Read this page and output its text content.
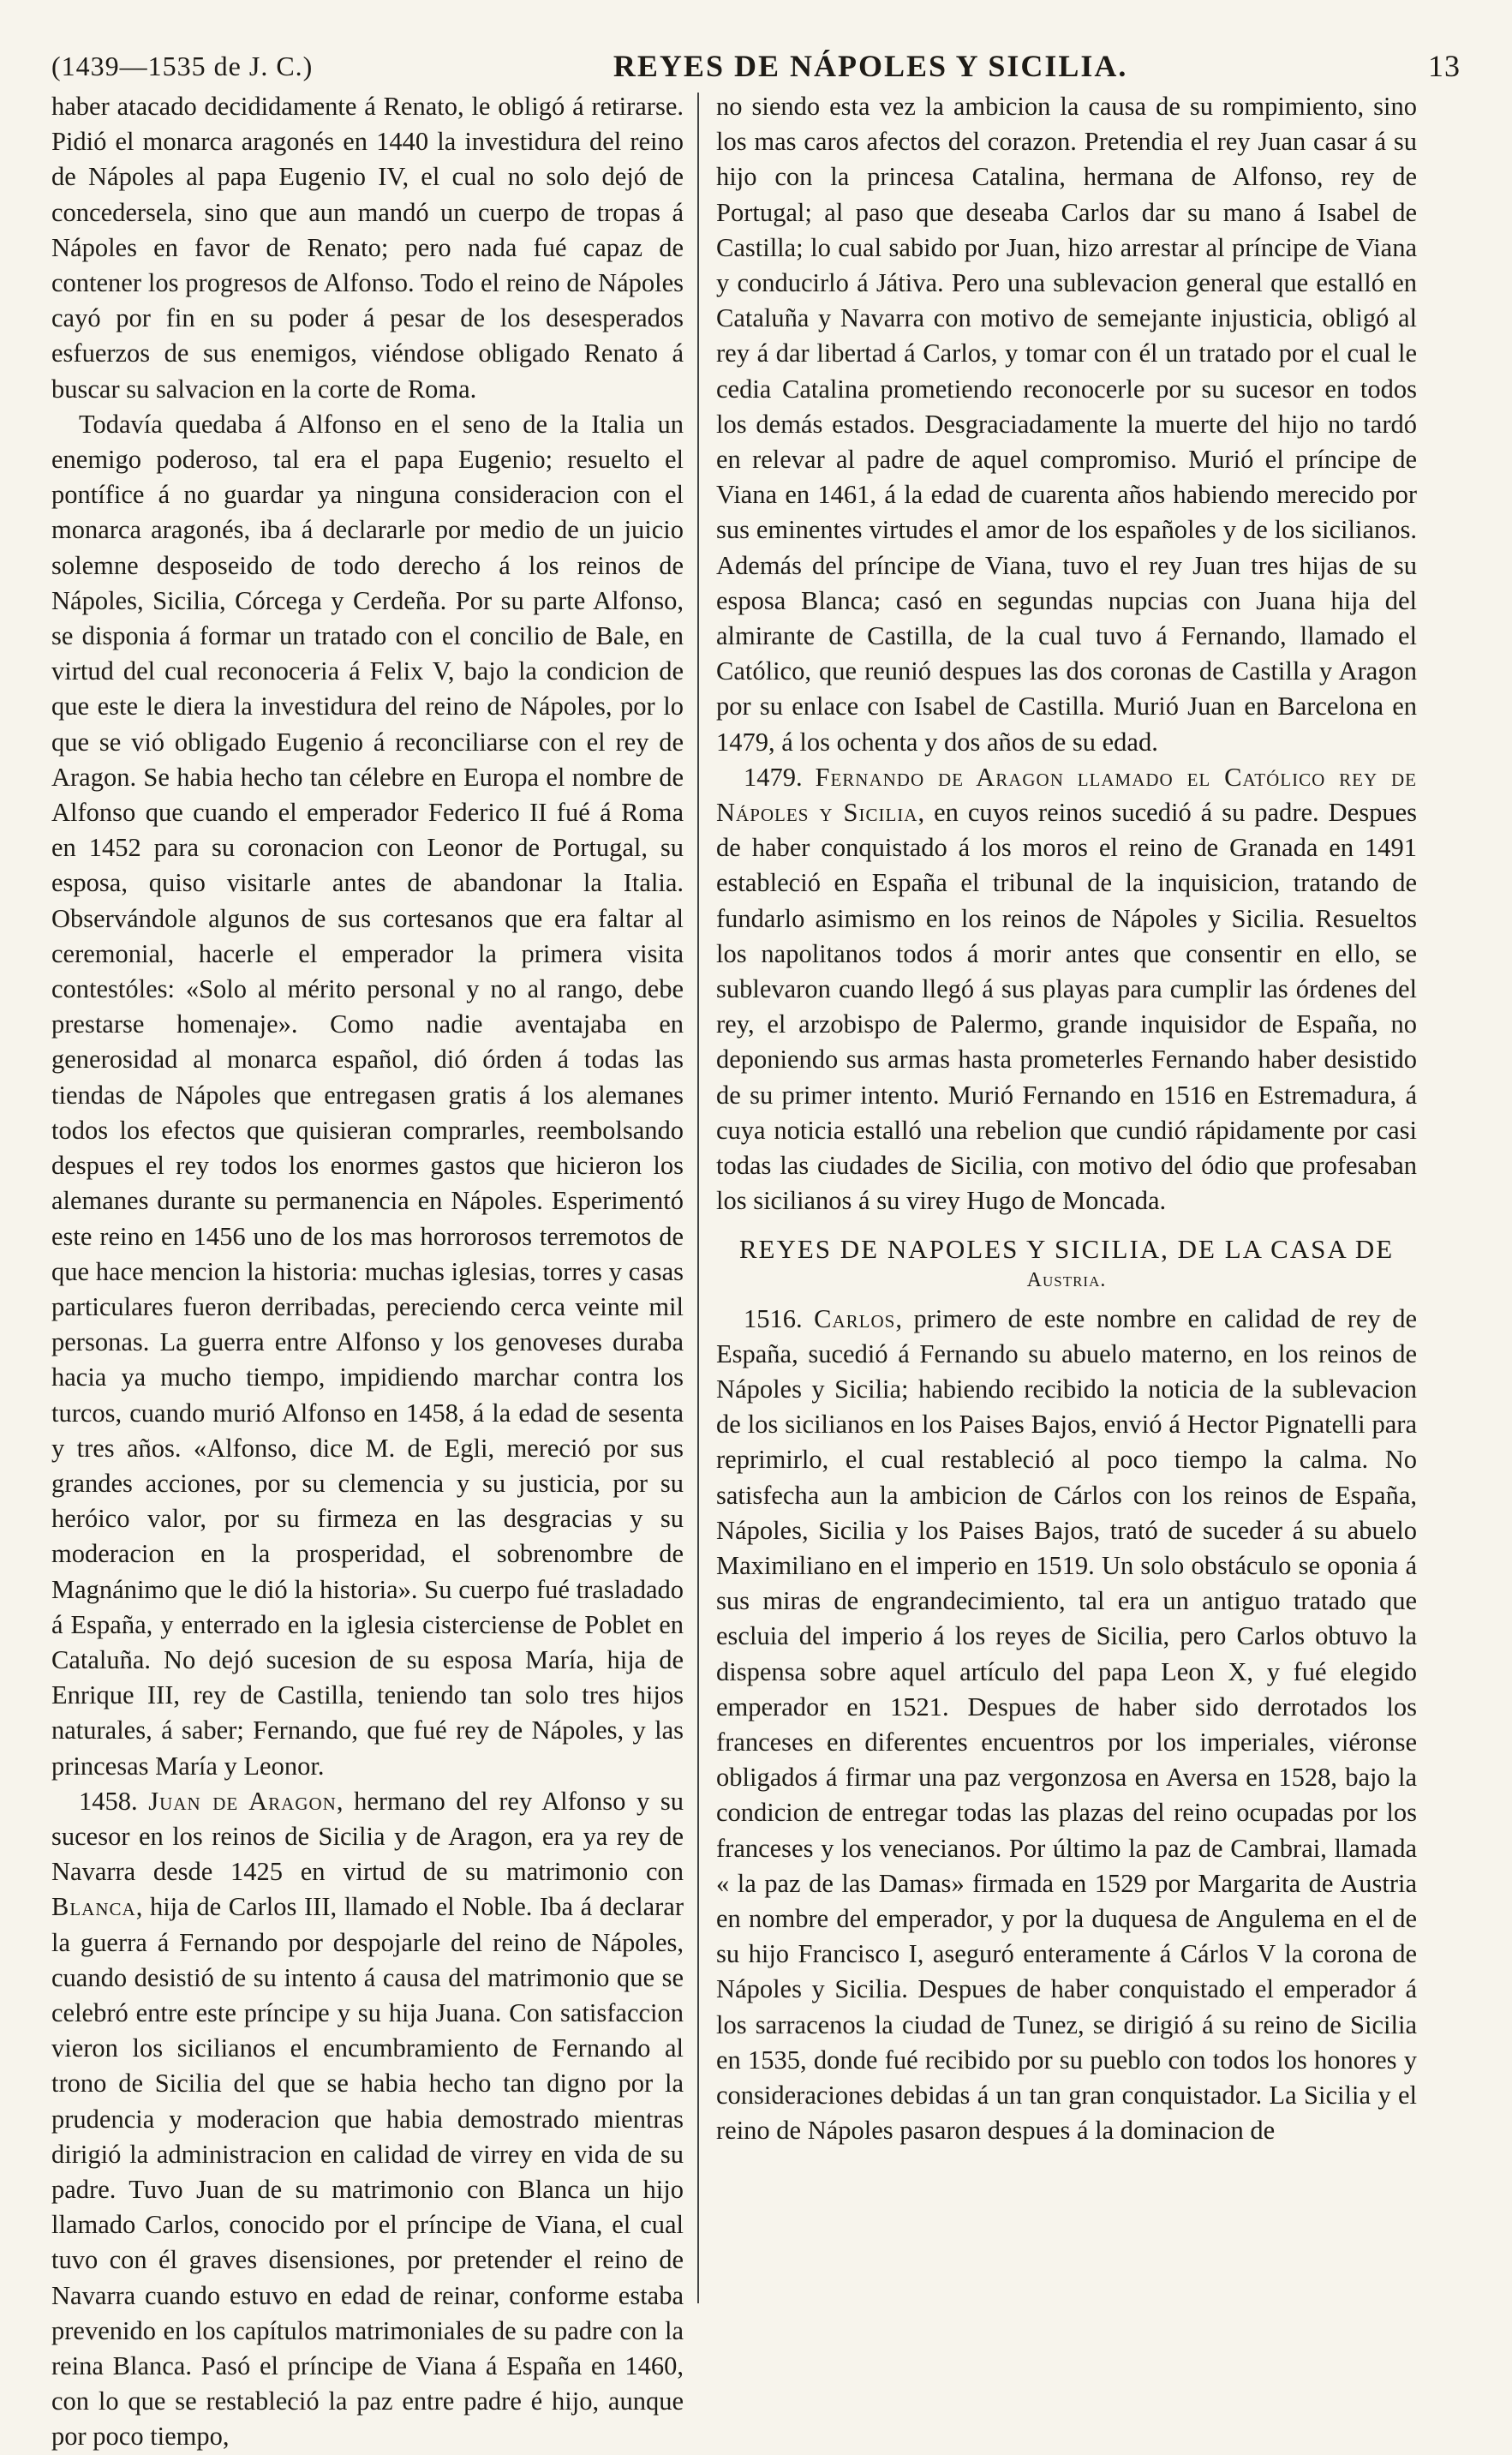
(1439—1535 de J. C.)	REYES DE NÁPOLES Y SICILIA.	13

haber atacado decididamente á Renato, le obligó á retirarse. Pidió el monarca aragonés en 1440 la investidura del reino de Nápoles al papa Eugenio IV, el cual no solo dejó de concedersela, sino que aun mandó un cuerpo de tropas á Nápoles en favor de Renato; pero nada fué capaz de contener los progresos de Alfonso. Todo el reino de Nápoles cayó por fin en su poder á pesar de los desesperados esfuerzos de sus enemigos, viéndose obligado Renato á buscar su salvacion en la corte de Roma.

Todavía quedaba á Alfonso en el seno de la Italia un enemigo poderoso, tal era el papa Eugenio; resuelto el pontífice á no guardar ya ninguna consideracion con el monarca aragonés, iba á declararle por medio de un juicio solemne desposeido de todo derecho á los reinos de Nápoles, Sicilia, Córcega y Cerdeña. Por su parte Alfonso, se disponia á formar un tratado con el concilio de Bale, en virtud del cual reconoceria á Felix V, bajo la condicion de que este le diera la investidura del reino de Nápoles, por lo que se vió obligado Eugenio á reconciliarse con el rey de Aragon. Se habia hecho tan célebre en Europa el nombre de Alfonso que cuando el emperador Federico II fué á Roma en 1452 para su coronacion con Leonor de Portugal, su esposa, quiso visitarle antes de abandonar la Italia. Observándole algunos de sus cortesanos que era faltar al ceremonial, hacerle el emperador la primera visita contestóles: «Solo al mérito personal y no al rango, debe prestarse homenaje». Como nadie aventajaba en generosidad al monarca español, dió órden á todas las tiendas de Nápoles que entregasen gratis á los alemanes todos los efectos que quisieran comprarles, reembolsando despues el rey todos los enormes gastos que hicieron los alemanes durante su permanencia en Nápoles. Esperimentó este reino en 1456 uno de los mas horrorosos terremotos de que hace mencion la historia: muchas iglesias, torres y casas particulares fueron derribadas, pereciendo cerca veinte mil personas. La guerra entre Alfonso y los genoveses duraba hacia ya mucho tiempo, impidiendo marchar contra los turcos, cuando murió Alfonso en 1458, á la edad de sesenta y tres años. «Alfonso, dice M. de Egli, mereció por sus grandes acciones, por su clemencia y su justicia, por su heróico valor, por su firmeza en las desgracias y su moderacion en la prosperidad, el sobrenombre de Magnánimo que le dió la historia». Su cuerpo fué trasladado á España, y enterrado en la iglesia cisterciense de Poblet en Cataluña. No dejó sucesion de su esposa María, hija de Enrique III, rey de Castilla, teniendo tan solo tres hijos naturales, á saber; Fernando, que fué rey de Nápoles, y las princesas María y Leonor.

1458. Juan de Aragon, hermano del rey Alfonso y su sucesor en los reinos de Sicilia y de Aragon, era ya rey de Navarra desde 1425 en virtud de su matrimonio con Blanca, hija de Carlos III, llamado el Noble. Iba á declarar la guerra á Fernando por despojarle del reino de Nápoles, cuando desistió de su intento á causa del matrimonio que se celebró entre este príncipe y su hija Juana. Con satisfaccion vieron los sicilianos el encumbramiento de Fernando al trono de Sicilia del que se habia hecho tan digno por la prudencia y moderacion que habia demostrado mientras dirigió la administracion en calidad de virrey en vida de su padre. Tuvo Juan de su matrimonio con Blanca un hijo llamado Carlos, conocido por el príncipe de Viana, el cual tuvo con él graves disensiones, por pretender el reino de Navarra cuando estuvo en edad de reinar, conforme estaba prevenido en los capítulos matrimoniales de su padre con la reina Blanca. Pasó el príncipe de Viana á España en 1460, con lo que se restableció la paz entre padre é hijo, aunque por poco tiempo,

no siendo esta vez la ambicion la causa de su rompimiento, sino los mas caros afectos del corazon. Pretendia el rey Juan casar á su hijo con la princesa Catalina, hermana de Alfonso, rey de Portugal; al paso que deseaba Carlos dar su mano á Isabel de Castilla; lo cual sabido por Juan, hizo arrestar al príncipe de Viana y conducirlo á Játiva. Pero una sublevacion general que estalló en Cataluña y Navarra con motivo de semejante injusticia, obligó al rey á dar libertad á Carlos, y tomar con él un tratado por el cual le cedia Catalina prometiendo reconocerle por su sucesor en todos los demás estados. Desgraciadamente la muerte del hijo no tardó en relevar al padre de aquel compromiso. Murió el príncipe de Viana en 1461, á la edad de cuarenta años habiendo merecido por sus eminentes virtudes el amor de los españoles y de los sicilianos. Además del príncipe de Viana, tuvo el rey Juan tres hijas de su esposa Blanca; casó en segundas nupcias con Juana hija del almirante de Castilla, de la cual tuvo á Fernando, llamado el Católico, que reunió despues las dos coronas de Castilla y Aragon por su enlace con Isabel de Castilla. Murió Juan en Barcelona en 1479, á los ochenta y dos años de su edad.

1479. Fernando de Aragon llamado el Católico rey de Nápoles y Sicilia, en cuyos reinos sucedió á su padre. Despues de haber conquistado á los moros el reino de Granada en 1491 estableció en España el tribunal de la inquisicion, tratando de fundarlo asimismo en los reinos de Nápoles y Sicilia. Resueltos los napolitanos todos á morir antes que consentir en ello, se sublevaron cuando llegó á sus playas para cumplir las órdenes del rey, el arzobispo de Palermo, grande inquisidor de España, no deponiendo sus armas hasta prometerles Fernando haber desistido de su primer intento. Murió Fernando en 1516 en Estremadura, á cuya noticia estalló una rebelion que cundió rápidamente por casi todas las ciudades de Sicilia, con motivo del ódio que profesaban los sicilianos á su virey Hugo de Moncada.

REYES DE NAPOLES Y SICILIA, DE LA CASA DE
Austria.

1516. Carlos, primero de este nombre en calidad de rey de España, sucedió á Fernando su abuelo materno, en los reinos de Nápoles y Sicilia; habiendo recibido la noticia de la sublevacion de los sicilianos en los Paises Bajos, envió á Hector Pignatelli para reprimirlo, el cual restableció al poco tiempo la calma. No satisfecha aun la ambicion de Cárlos con los reinos de España, Nápoles, Sicilia y los Paises Bajos, trató de suceder á su abuelo Maximiliano en el imperio en 1519. Un solo obstáculo se oponia á sus miras de engrandecimiento, tal era un antiguo tratado que escluia del imperio á los reyes de Sicilia, pero Carlos obtuvo la dispensa sobre aquel artículo del papa Leon X, y fué elegido emperador en 1521. Despues de haber sido derrotados los franceses en diferentes encuentros por los imperiales, viéronse obligados á firmar una paz vergonzosa en Aversa en 1528, bajo la condicion de entregar todas las plazas del reino ocupadas por los franceses y los venecianos. Por último la paz de Cambrai, llamada « la paz de las Damas» firmada en 1529 por Margarita de Austria en nombre del emperador, y por la duquesa de Angulema en el de su hijo Francisco I, aseguró enteramente á Cárlos V la corona de Nápoles y Sicilia. Despues de haber conquistado el emperador á los sarracenos la ciudad de Tunez, se dirigió á su reino de Sicilia en 1535, donde fué recibido por su pueblo con todos los honores y consideraciones debidas á un tan gran conquistador. La Sicilia y el reino de Nápoles pasaron despues á la dominacion de
